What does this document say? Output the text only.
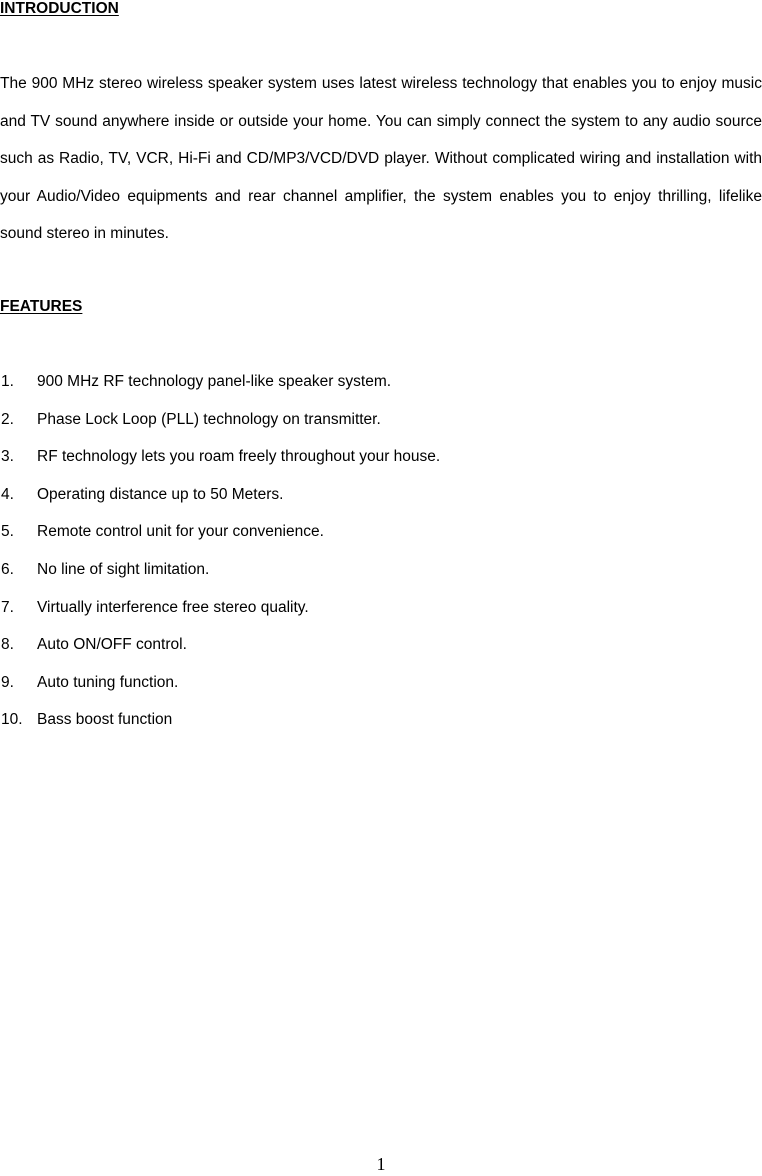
INTRODUCTION

The 900 MHz stereo wireless speaker system uses latest wireless technology that enables you to enjoy music and TV sound anywhere inside or outside your home. You can simply connect the system to any audio source such as Radio, TV, VCR, Hi-Fi and CD/MP3/VCD/DVD player. Without complicated wiring and installation with your Audio/Video equipments and rear channel amplifier, the system enables you to enjoy thrilling, lifelike sound stereo in minutes.

FEATURES
1. 900 MHz RF technology panel-like speaker system.
2. Phase Lock Loop (PLL) technology on transmitter.
3. RF technology lets you roam freely throughout your house.
4. Operating distance up to 50 Meters.
5. Remote control unit for your convenience.
6. No line of sight limitation.
7. Virtually interference free stereo quality.
8. Auto ON/OFF control.
9. Auto tuning function.
10. Bass boost function
1
